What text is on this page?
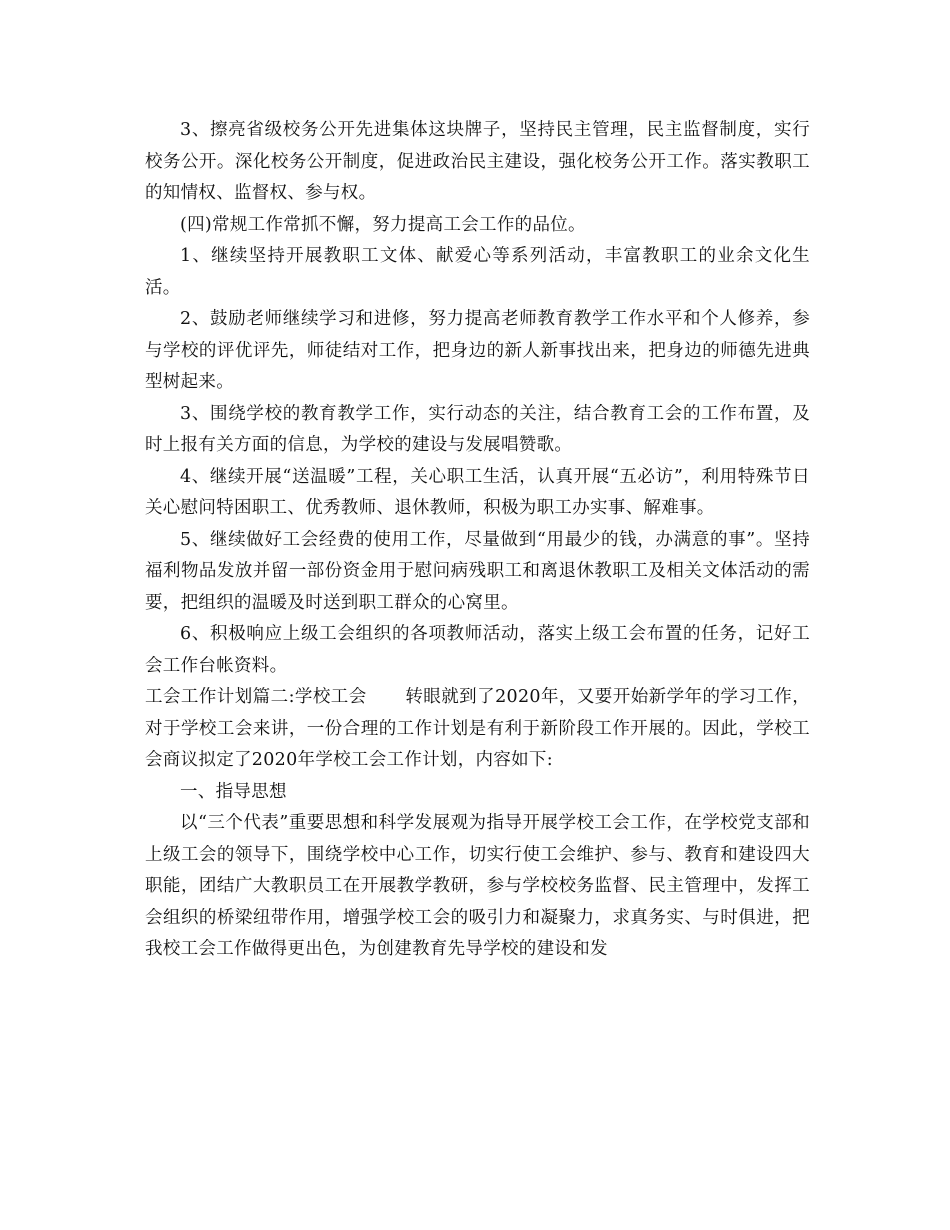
3、擦亮省级校务公开先进集体这块牌子，坚持民主管理，民主监督制度，实行校务公开。深化校务公开制度，促进政治民主建设，强化校务公开工作。落实教职工的知情权、监督权、参与权。

(四)常规工作常抓不懈，努力提高工会工作的品位。

1、继续坚持开展教职工文体、献爱心等系列活动，丰富教职工的业余文化生活。

2、鼓励老师继续学习和进修，努力提高老师教育教学工作水平和个人修养，参与学校的评优评先，师徒结对工作，把身边的新人新事找出来，把身边的师德先进典型树起来。

3、围绕学校的教育教学工作，实行动态的关注，结合教育工会的工作布置，及时上报有关方面的信息，为学校的建设与发展唱赞歌。

4、继续开展“送温暖”工程，关心职工生活，认真开展“五必访”，利用特殊节日关心慰问特困职工、优秀教师、退休教师，积极为职工办实事、解难事。

5、继续做好工会经费的使用工作，尽量做到“用最少的钱，办满意的事”。坚持福利物品发放并留一部份资金用于慰问病残职工和离退休教职工及相关文体活动的需要，把组织的温暖及时送到职工群众的心窝里。

6、积极响应上级工会组织的各项教师活动，落实上级工会布置的任务，记好工会工作台帐资料。

工会工作计划篇二:学校工会 转眼就到了2020年，又要开始新学年的学习工作，对于学校工会来讲，一份合理的工作计划是有利于新阶段工作开展的。因此，学校工会商议拟定了2020年学校工会工作计划，内容如下:

一、指导思想

以“三个代表”重要思想和科学发展观为指导开展学校工会工作，在学校党支部和上级工会的领导下，围绕学校中心工作，切实行使工会维护、参与、教育和建设四大职能，团结广大教职员工在开展教学教研，参与学校校务监督、民主管理中，发挥工会组织的桥梁纽带作用，增强学校工会的吸引力和凝聚力，求真务实、与时俱进，把我校工会工作做得更出色，为创建教育先导学校的建设和发
